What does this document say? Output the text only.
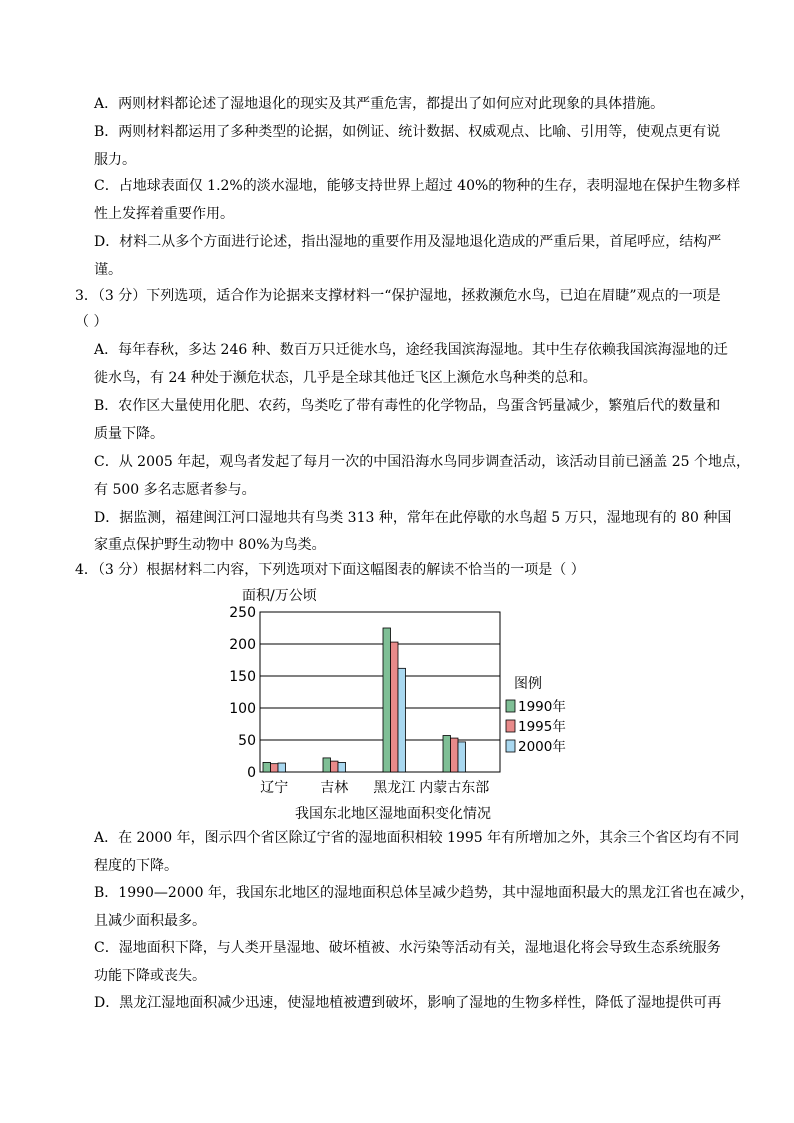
A．两则材料都论述了湿地退化的现实及其严重危害，都提出了如何应对此现象的具体措施。
B．两则材料都运用了多种类型的论据，如例证、统计数据、权威观点、比喻、引用等，使观点更有说
服力。
C．占地球表面仅 1.2%的淡水湿地，能够支持世界上超过 40%的物种的生存，表明湿地在保护生物多样
性上发挥着重要作用。
D．材料二从多个方面进行论述，指出湿地的重要作用及湿地退化造成的严重后果，首尾呼应，结构严
谨。
3．（3 分）下列选项，适合作为论据来支撑材料一“保护湿地，拯救濒危水鸟，已迫在眉睫”观点的一项是
（ ）
A．每年春秋，多达 246 种、数百万只迁徙水鸟，途经我国滨海湿地。其中生存依赖我国滨海湿地的迁
徙水鸟，有 24 种处于濒危状态，几乎是全球其他迁飞区上濒危水鸟种类的总和。
B．农作区大量使用化肥、农药，鸟类吃了带有毒性的化学物品，鸟蛋含钙量减少，繁殖后代的数量和
质量下降。
C．从 2005 年起，观鸟者发起了每月一次的中国沿海水鸟同步调查活动，该活动目前已涵盖 25 个地点，
有 500 多名志愿者参与。
D．据监测，福建闽江河口湿地共有鸟类 313 种，常年在此停歇的水鸟超 5 万只，湿地现有的 80 种国
家重点保护野生动物中 80%为鸟类。
4．（3 分）根据材料二内容，下列选项对下面这幅图表的解读不恰当的一项是（ ）
A．在 2000 年，图示四个省区除辽宁省的湿地面积相较 1995 年有所增加之外，其余三个省区均有不同
程度的下降。
B．1990—2000 年，我国东北地区的湿地面积总体呈减少趋势，其中湿地面积最大的黑龙江省也在减少，
且减少面积最多。
C．湿地面积下降，与人类开垦湿地、破坏植被、水污染等活动有关，湿地退化将会导致生态系统服务
功能下降或丧失。
D．黑龙江湿地面积减少迅速，使湿地植被遭到破坏，影响了湿地的生物多样性，降低了湿地提供可再
面积/万公顷
0
50
100
150
200
250
辽宁 吉林 黑龙江 内蒙古东部
图例
1990年
1995年
2000年
我国东北地区湿地面积变化情况
